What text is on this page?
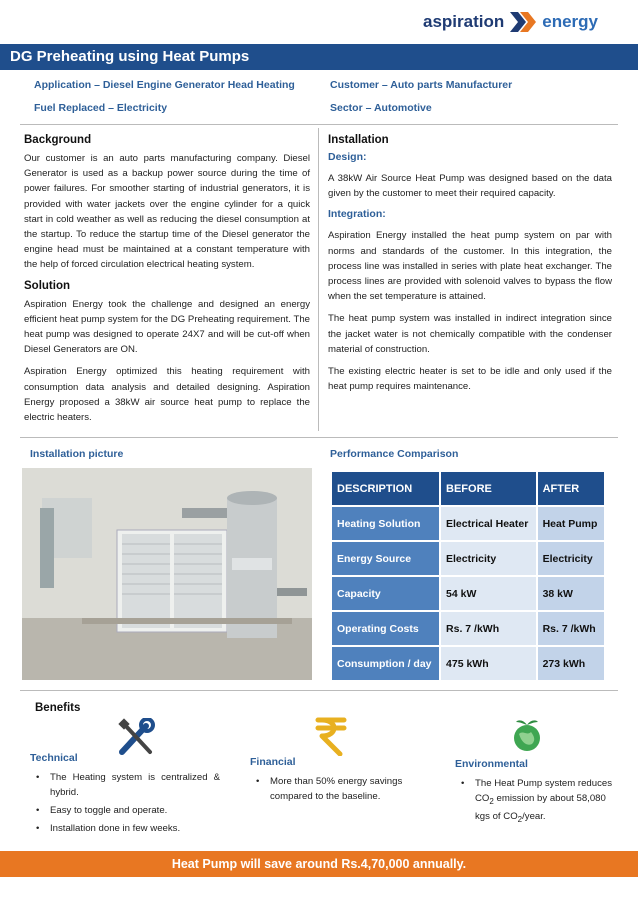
aspiration energy
DG Preheating using Heat Pumps
Application – Diesel Engine Generator Head Heating
Fuel Replaced – Electricity
Customer – Auto parts Manufacturer
Sector – Automotive
Background
Our customer is an auto parts manufacturing company. Diesel Generator is used as a backup power source during the time of power failures. For smoother starting of industrial generators, it is provided with water jackets over the engine cylinder for a quick start in cold weather as well as reducing the diesel consumption at the startup. To reduce the startup time of the Diesel generator the engine head must be maintained at a constant temperature with the help of forced circulation electrical heating system.
Solution
Aspiration Energy took the challenge and designed an energy efficient heat pump system for the DG Preheating requirement. The heat pump was designed to operate 24X7 and will be cut-off when Diesel Generators are ON.
Aspiration Energy optimized this heating requirement with consumption data analysis and detailed designing. Aspiration Energy proposed a 38kW air source heat pump to replace the electric heaters.
Installation
Design:
A 38kW Air Source Heat Pump was designed based on the data given by the customer to meet their required capacity.
Integration:
Aspiration Energy installed the heat pump system on par with norms and standards of the customer. In this integration, the process line was installed in series with plate heat exchanger. The process lines are provided with solenoid valves to bypass the flow when the set temperature is attained.
The heat pump system was installed in indirect integration since the jacket water is not chemically compatible with the condenser material of construction.
The existing electric heater is set to be idle and only used if the heat pump requires maintenance.
Installation picture	Performance Comparison
DESCRIPTION	BEFORE	AFTER
Heating Solution	Electrical Heater	Heat Pump
Energy Source	Electricity	Electricity
Capacity	54 kW	38 kW
Operating Costs	Rs. 7 /kWh	Rs. 7 /kWh
Consumption / day	475 kWh	273 kWh
Benefits
Technical
• The Heating system is centralized & hybrid.
• Easy to toggle and operate.
• Installation done in few weeks.
Financial
• More than 50% energy savings compared to the baseline.
Environmental
• The Heat Pump system reduces $CO_2$ emission by about 58,080 kgs of $CO_2$/year.
Heat Pump will save around Rs.4,70,000 annually.
